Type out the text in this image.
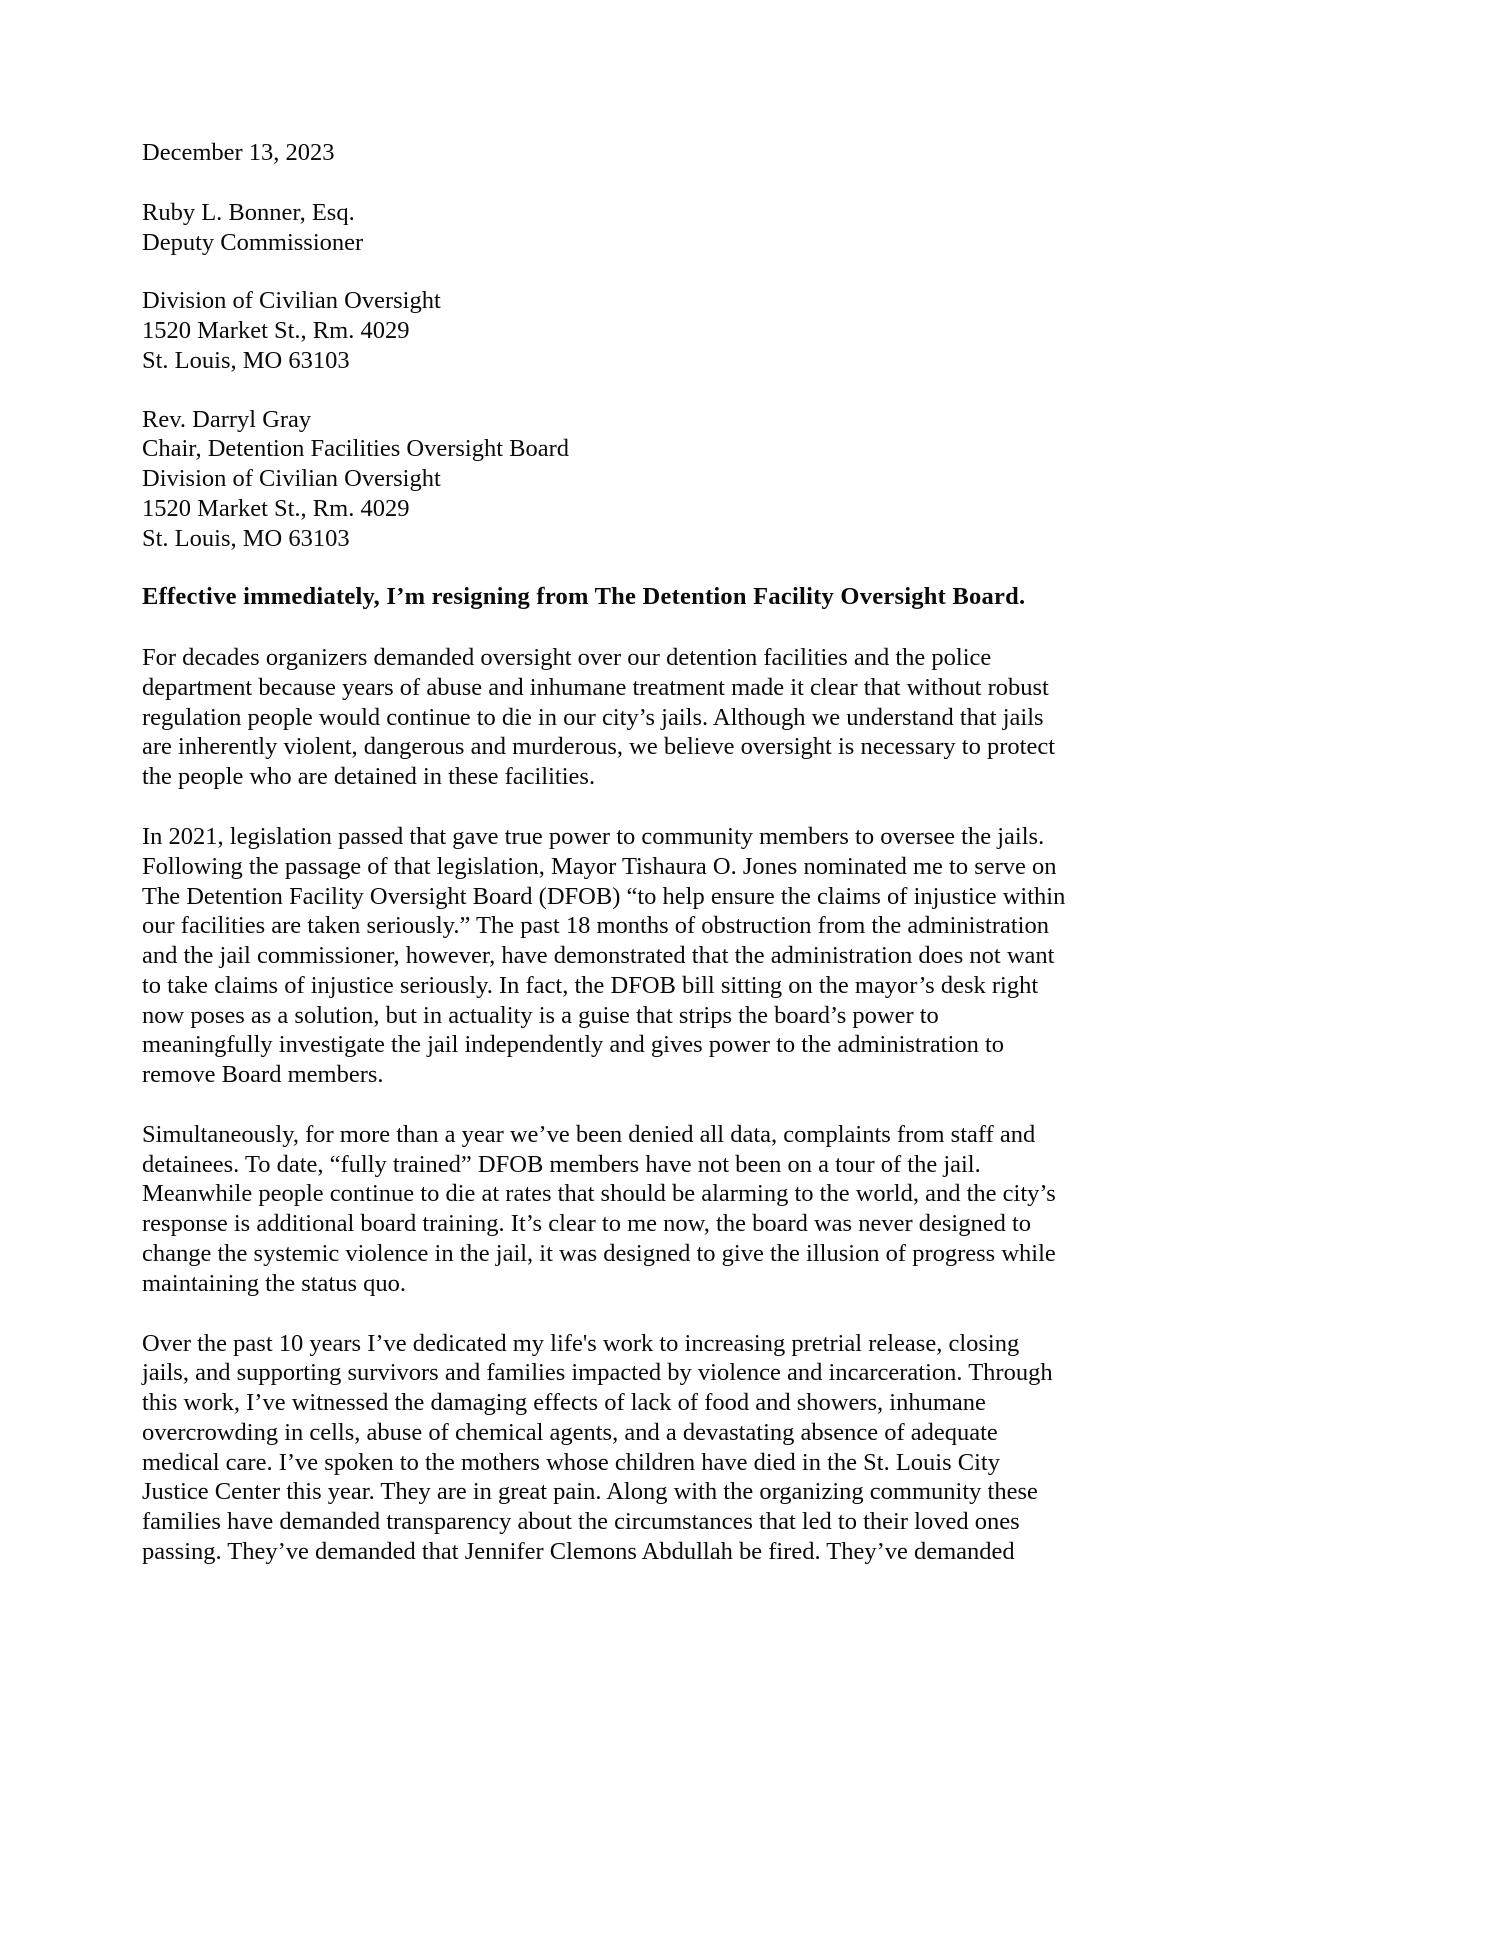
December 13, 2023
Ruby L. Bonner, Esq.
Deputy Commissioner
Division of Civilian Oversight
1520 Market St., Rm. 4029
St. Louis, MO 63103
Rev. Darryl Gray
Chair, Detention Facilities Oversight Board
Division of Civilian Oversight
1520 Market St., Rm. 4029
St. Louis, MO 63103

Effective immediately, I’m resigning from The Detention Facility Oversight Board.

For decades organizers demanded oversight over our detention facilities and the police department because years of abuse and inhumane treatment made it clear that without robust regulation people would continue to die in our city’s jails. Although we understand that jails are inherently violent, dangerous and murderous, we believe oversight is necessary to protect the people who are detained in these facilities.

In 2021, legislation passed that gave true power to community members to oversee the jails. Following the passage of that legislation, Mayor Tishaura O. Jones nominated me to serve on The Detention Facility Oversight Board (DFOB) “to help ensure the claims of injustice within our facilities are taken seriously.” The past 18 months of obstruction from the administration and the jail commissioner, however, have demonstrated that the administration does not want to take claims of injustice seriously. In fact, the DFOB bill sitting on the mayor’s desk right now poses as a solution, but in actuality is a guise that strips the board’s power to meaningfully investigate the jail independently and gives power to the administration to remove Board members.

Simultaneously, for more than a year we’ve been denied all data, complaints from staff and detainees. To date, “fully trained” DFOB members have not been on a tour of the jail. Meanwhile people continue to die at rates that should be alarming to the world, and the city’s response is additional board training. It’s clear to me now, the board was never designed to change the systemic violence in the jail, it was designed to give the illusion of progress while maintaining the status quo.

Over the past 10 years I’ve dedicated my life's work to increasing pretrial release, closing jails, and supporting survivors and families impacted by violence and incarceration. Through this work, I’ve witnessed the damaging effects of lack of food and showers, inhumane overcrowding in cells, abuse of chemical agents, and a devastating absence of adequate medical care. I’ve spoken to the mothers whose children have died in the St. Louis City Justice Center this year. They are in great pain. Along with the organizing community these families have demanded transparency about the circumstances that led to their loved ones passing. They’ve demanded that Jennifer Clemons Abdullah be fired. They’ve demanded
